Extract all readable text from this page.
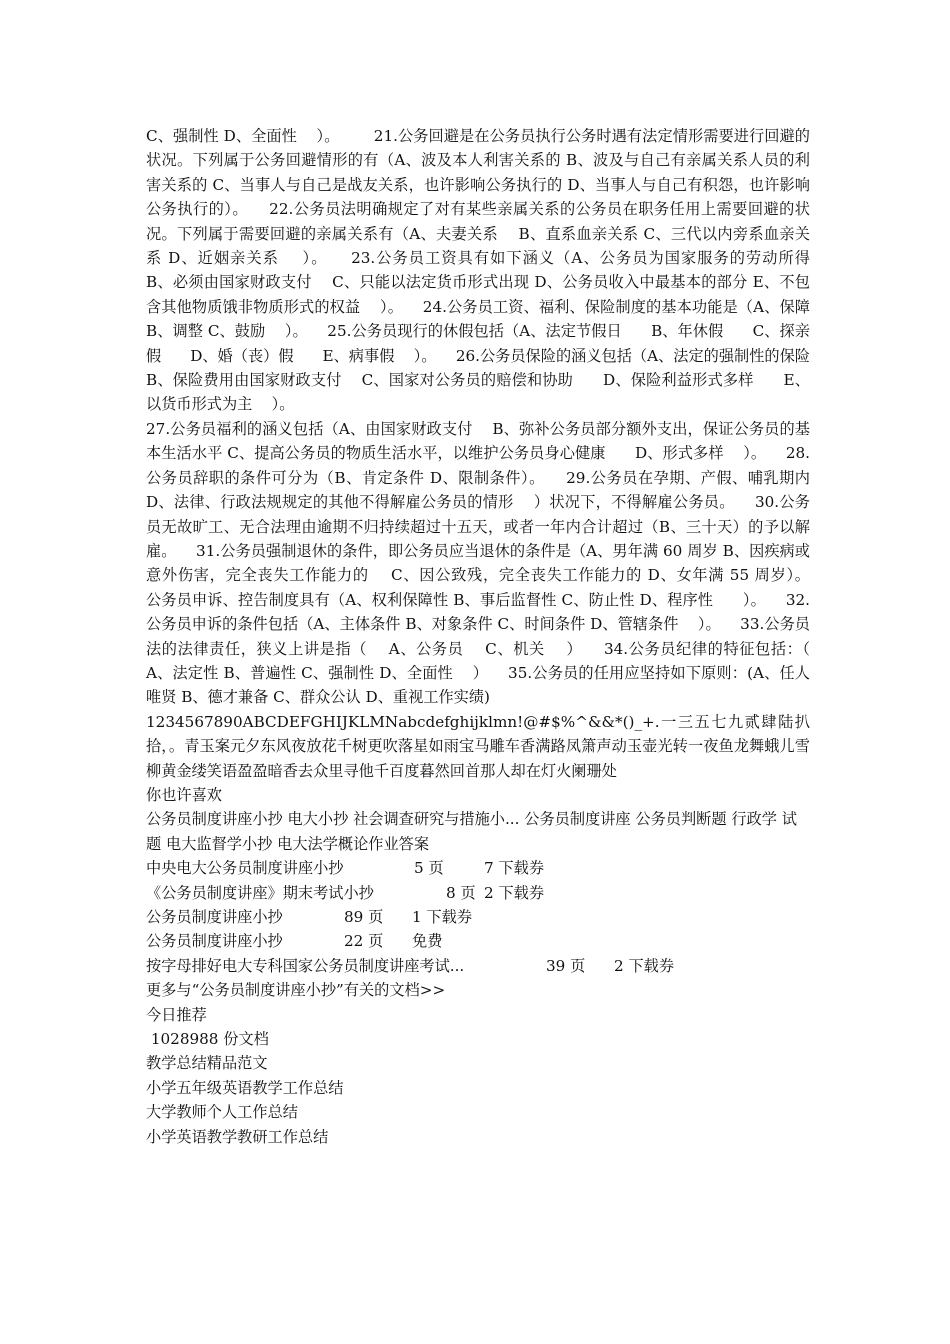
C、强制性 D、全面性    ）。       21.公务回避是在公务员执行公务时遇有法定情形需要进行回避的状况。下列属于公务回避情形的有（A、波及本人利害关系的 B、波及与自己有亲属关系人员的利害关系的 C、当事人与自己是战友关系，也许影响公务执行的 D、当事人与自己有积怨，也许影响公务执行的）。    22.公务员法明确规定了对有某些亲属关系的公务员在职务任用上需要回避的状况。下列属于需要回避的亲属关系有（A、夫妻关系    B、直系血亲关系 C、三代以内旁系血亲关系 D、近姻亲关系    ）。    23.公务员工资具有如下涵义（A、公务员为国家服务的劳动所得      B、必须由国家财政支付    C、只能以法定货币形式出现 D、公务员收入中最基本的部分 E、不包含其他物质饿非物质形式的权益    ）。    24.公务员工资、福利、保险制度的基本功能是（A、保障 B、调整 C、鼓励    ）。    25.公务员现行的休假包括（A、法定节假日      B、年休假      C、探亲假      D、婚（丧）假      E、病事假    ）。    26.公务员保险的涵义包括（A、法定的强制性的保险      B、保险费用由国家财政支付    C、国家对公务员的赔偿和协助      D、保险利益形式多样      E、以货币形式为主    ）。

27.公务员福利的涵义包括（A、由国家财政支付    B、弥补公务员部分额外支出，保证公务员的基本生活水平 C、提高公务员的物质生活水平，以维护公务员身心健康      D、形式多样    ）。    28.公务员辞职的条件可分为（B、肯定条件 D、限制条件）。    29.公务员在孕期、产假、哺乳期内    D、法律、行政法规规定的其他不得解雇公务员的情形    ）状况下，不得解雇公务员。    30.公务员无故旷工、无合法理由逾期不归持续超过十五天，或者一年内合计超过（B、三十天）的予以解雇。    31.公务员强制退休的条件，即公务员应当退休的条件是（A、男年满 60 周岁 B、因疾病或意外伤害，完全丧失工作能力的    C、因公致残，完全丧失工作能力的 D、女年满 55 周岁）。    公务员申诉、控告制度具有（A、权利保障性 B、事后监督性 C、防止性 D、程序性      ）。    32.公务员申诉的条件包括（A、主体条件 B、对象条件 C、时间条件 D、管辖条件    ）。    33.公务员法的法律责任，狭义上讲是指（    A、公务员    C、机关    ）    34.公务员纪律的特征包括：（    A、法定性 B、普遍性 C、强制性 D、全面性    ）    35.公务员的任用应坚持如下原则：(A、任人唯贤 B、德才兼备 C、群众公认 D、重视工作实绩)

1234567890ABCDEFGHIJKLMNabcdefghijklmn!@#$%^&&*()_+.一三五七九贰肆陆扒拾，。青玉案元夕东风夜放花千树更吹落星如雨宝马雕车香满路凤箫声动玉壶光转一夜鱼龙舞蛾儿雪柳黄金缕笑语盈盈暗香去众里寻他千百度暮然回首那人却在灯火阑珊处

你也许喜欢

公务员制度讲座小抄 电大小抄 社会调查研究与措施小... 公务员制度讲座 公务员判断题 行政学 试题 电大监督学小抄 电大法学概论作业答案

中央电大公务员制度讲座小抄	5 页	7 下载券
《公务员制度讲座》期末考试小抄	8 页 2 下载券
公务员制度讲座小抄	89 页	1 下载券
公务员制度讲座小抄	22 页	免费
按字母排好电大专科国家公务员制度讲座考试...	39 页	2 下载券

更多与“公务员制度讲座小抄”有关的文档>>

今日推荐

1028988 份文档

教学总结精品范文

小学五年级英语教学工作总结

大学教师个人工作总结

小学英语教学教研工作总结
